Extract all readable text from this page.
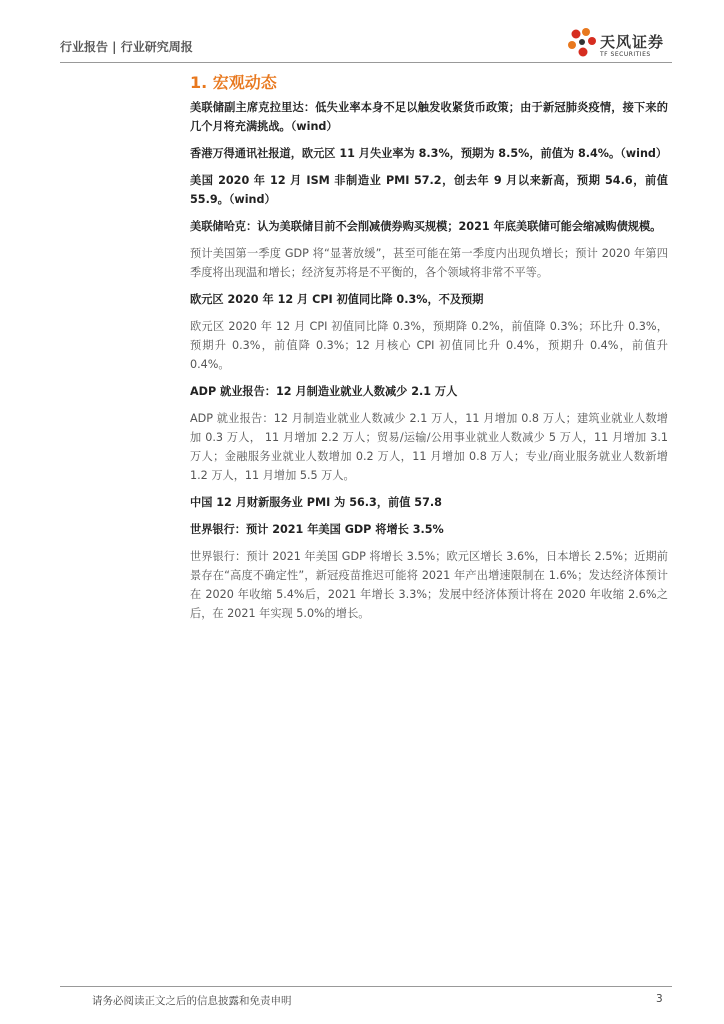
行业报告 | 行业研究周报	天风证券
TF SECURITIES
1. 宏观动态

美联储副主席克拉里达：低失业率本身不足以触发收紧货币政策；由于新冠肺炎疫情，接下来的几个月将充满挑战。（wind）

香港万得通讯社报道，欧元区 11 月失业率为 8.3%，预期为 8.5%，前值为 8.4%。（wind）

美国 2020 年 12 月 ISM 非制造业 PMI 57.2，创去年 9 月以来新高，预期 54.6，前值 55.9。（wind）

美联储哈克：认为美联储目前不会削减债券购买规模；2021 年底美联储可能会缩减购债规模。

预计美国第一季度 GDP 将“显著放缓”，甚至可能在第一季度内出现负增长；预计 2020 年第四季度将出现温和增长；经济复苏将是不平衡的，各个领域将非常不平等。

欧元区 2020 年 12 月 CPI 初值同比降 0.3%，不及预期

欧元区 2020 年 12 月 CPI 初值同比降 0.3%，预期降 0.2%，前值降 0.3%；环比升 0.3%，预期升 0.3%，前值降 0.3%；12 月核心 CPI 初值同比升 0.4%，预期升 0.4%，前值升 0.4%。

ADP 就业报告：12 月制造业就业人数减少 2.1 万人

ADP 就业报告：12 月制造业就业人数减少 2.1 万人，11 月增加 0.8 万人；建筑业就业人数增加 0.3 万人， 11 月增加 2.2 万人；贸易/运输/公用事业就业人数减少 5 万人，11 月增加 3.1 万人；金融服务业就业人数增加 0.2 万人，11 月增加 0.8 万人；专业/商业服务就业人数新增 1.2 万人，11 月增加 5.5 万人。

中国 12 月财新服务业 PMI 为 56.3，前值 57.8

世界银行：预计 2021 年美国 GDP 将增长 3.5%

世界银行：预计 2021 年美国 GDP 将增长 3.5%；欧元区增长 3.6%，日本增长 2.5%；近期前景存在“高度不确定性”，新冠疫苗推迟可能将 2021 年产出增速限制在 1.6%；发达经济体预计在 2020 年收缩 5.4%后，2021 年增长 3.3%；发展中经济体预计将在 2020 年收缩 2.6%之后，在 2021 年实现 5.0%的增长。

请务必阅读正文之后的信息披露和免责申明	3
